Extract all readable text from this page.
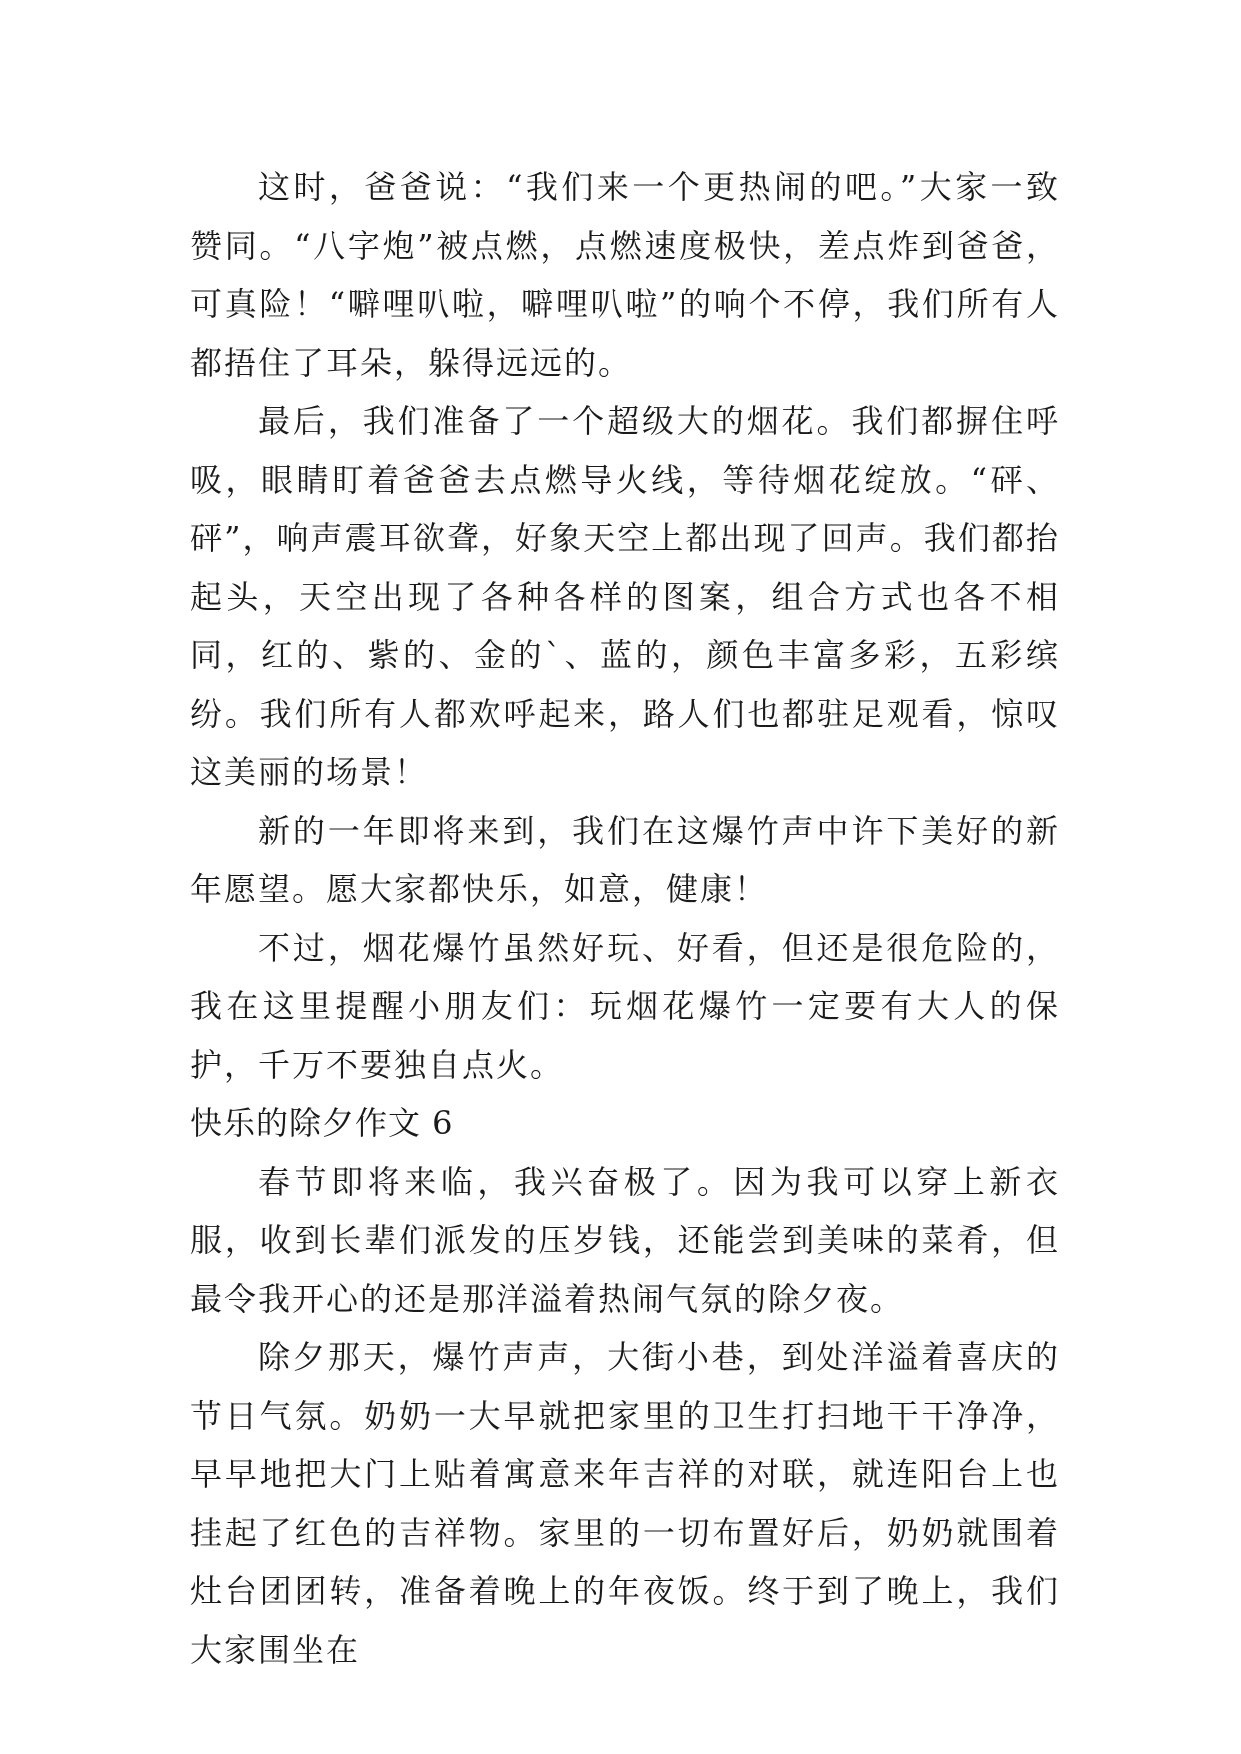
这时，爸爸说：“我们来一个更热闹的吧。”大家一致赞同。“八字炮”被点燃，点燃速度极快，差点炸到爸爸，可真险！“噼哩叭啦，噼哩叭啦”的响个不停，我们所有人都捂住了耳朵，躲得远远的。

最后，我们准备了一个超级大的烟花。我们都摒住呼吸，眼睛盯着爸爸去点燃导火线，等待烟花绽放。“砰、砰”，响声震耳欲聋，好象天空上都出现了回声。我们都抬起头，天空出现了各种各样的图案，组合方式也各不相同，红的、紫的、金的`、蓝的，颜色丰富多彩，五彩缤纷。我们所有人都欢呼起来，路人们也都驻足观看，惊叹这美丽的场景！

新的一年即将来到，我们在这爆竹声中许下美好的新年愿望。愿大家都快乐，如意，健康！

不过，烟花爆竹虽然好玩、好看，但还是很危险的，我在这里提醒小朋友们：玩烟花爆竹一定要有大人的保护，千万不要独自点火。

快乐的除夕作文 6

春节即将来临，我兴奋极了。因为我可以穿上新衣服，收到长辈们派发的压岁钱，还能尝到美味的菜肴，但最令我开心的还是那洋溢着热闹气氛的除夕夜。

除夕那天，爆竹声声，大街小巷，到处洋溢着喜庆的节日气氛。奶奶一大早就把家里的卫生打扫地干干净净，早早地把大门上贴着寓意来年吉祥的对联，就连阳台上也挂起了红色的吉祥物。家里的一切布置好后，奶奶就围着灶台团团转，准备着晚上的年夜饭。终于到了晚上，我们大家围坐在
